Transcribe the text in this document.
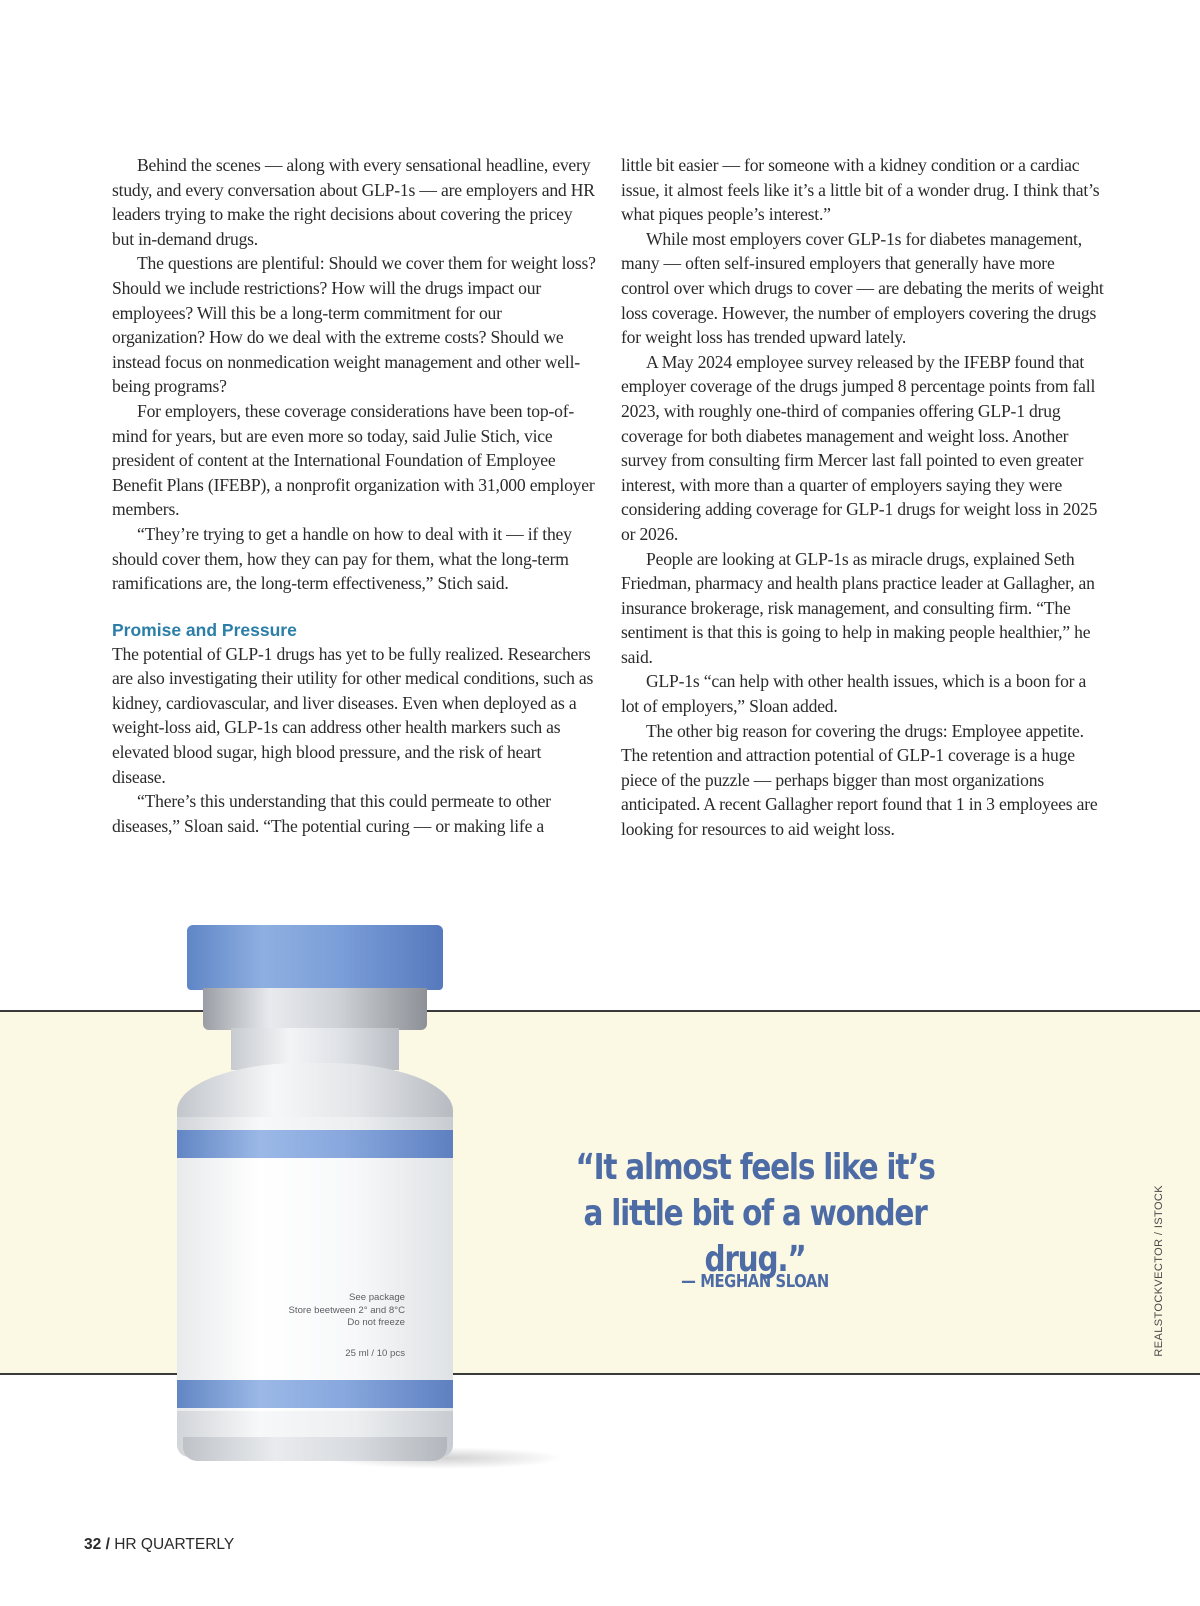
Behind the scenes — along with every sensational headline, every study, and every conversation about GLP-1s — are employers and HR leaders trying to make the right decisions about covering the pricey but in-demand drugs.

The questions are plentiful: Should we cover them for weight loss? Should we include restrictions? How will the drugs impact our employees? Will this be a long-term commitment for our organization? How do we deal with the extreme costs? Should we instead focus on nonmedication weight management and other well-being programs?

For employers, these coverage considerations have been top-of-mind for years, but are even more so today, said Julie Stich, vice president of content at the International Foundation of Employee Benefit Plans (IFEBP), a nonprofit organization with 31,000 employer members.

“They’re trying to get a handle on how to deal with it — if they should cover them, how they can pay for them, what the long-term ramifications are, the long-term effectiveness,” Stich said.

Promise and Pressure

The potential of GLP-1 drugs has yet to be fully realized. Researchers are also investigating their utility for other medical conditions, such as kidney, cardiovascular, and liver diseases. Even when deployed as a weight-loss aid, GLP-1s can address other health markers such as elevated blood sugar, high blood pressure, and the risk of heart disease.

“There’s this understanding that this could permeate to other diseases,” Sloan said. “The potential curing — or making life a

little bit easier — for someone with a kidney condition or a cardiac issue, it almost feels like it’s a little bit of a wonder drug. I think that’s what piques people’s interest.”

While most employers cover GLP-1s for diabetes management, many — often self-insured employers that generally have more control over which drugs to cover — are debating the merits of weight loss coverage. However, the number of employers covering the drugs for weight loss has trended upward lately.

A May 2024 employee survey released by the IFEBP found that employer coverage of the drugs jumped 8 percentage points from fall 2023, with roughly one-third of companies offering GLP-1 drug coverage for both diabetes management and weight loss. Another survey from consulting firm Mercer last fall pointed to even greater interest, with more than a quarter of employers saying they were considering adding coverage for GLP-1 drugs for weight loss in 2025 or 2026.

People are looking at GLP-1s as miracle drugs, explained Seth Friedman, pharmacy and health plans practice leader at Gallagher, an insurance brokerage, risk management, and consulting firm. “The sentiment is that this is going to help in making people healthier,” he said.

GLP-1s “can help with other health issues, which is a boon for a lot of employers,” Sloan added.

The other big reason for covering the drugs: Employee appetite. The retention and attraction potential of GLP-1 coverage is a huge piece of the puzzle — perhaps bigger than most organizations anticipated. A recent Gallagher report found that 1 in 3 employees are looking for resources to aid weight loss.

See package
Store beetween 2° and 8°C
Do not freeze
25 ml / 10 pcs
“It almost feels like it’s a little bit of a wonder drug.”
— MEGHAN SLOAN	REALSTOCKVECTOR / ISTOCK
32 / HR QUARTERLY
